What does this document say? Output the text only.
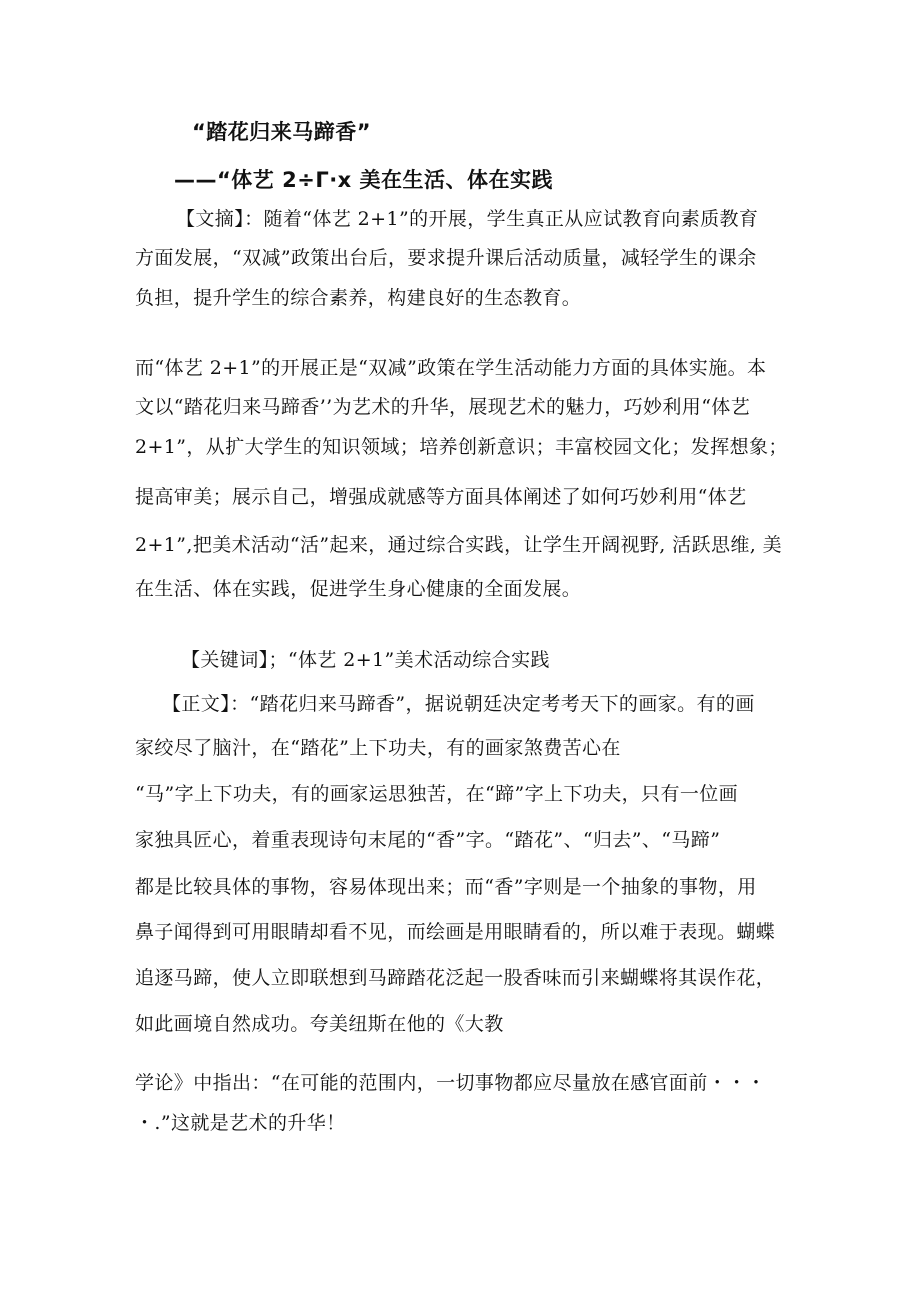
“踏花归来马蹄香”
——“体艺 2÷Γ·x 美在生活、体在实践
【文摘】：随着“体艺 2+1”的开展，学生真正从应试教育向素质教育
方面发展，“双减”政策出台后，要求提升课后活动质量，减轻学生的课余
负担，提升学生的综合素养，构建良好的生态教育。
而“体艺 2+1”的开展正是“双减”政策在学生活动能力方面的具体实施。本
文以“踏花归来马蹄香’’为艺术的升华，展现艺术的魅力，巧妙利用“体艺
2+1”，从扩大学生的知识领域；培养创新意识；丰富校园文化；发挥想象；
提高审美；展示自己，增强成就感等方面具体阐述了如何巧妙利用“体艺
2+1”,把美术活动“活”起来，通过综合实践，让学生开阔视野, 活跃思维, 美
在生活、体在实践，促进学生身心健康的全面发展。
【关键词】；“体艺 2+1”美术活动综合实践
【正文】：“踏花归来马蹄香”，据说朝廷决定考考天下的画家。有的画
家绞尽了脑汁，在“踏花”上下功夫，有的画家煞费苦心在
“马”字上下功夫，有的画家运思独苦，在“蹄”字上下功夫，只有一位画
家独具匠心，着重表现诗句末尾的“香”字。“踏花”、“归去”、“马蹄”
都是比较具体的事物，容易体现出来；而“香”字则是一个抽象的事物，用
鼻子闻得到可用眼睛却看不见，而绘画是用眼睛看的，所以难于表现。蝴蝶
追逐马蹄，使人立即联想到马蹄踏花泛起一股香味而引来蝴蝶将其误作花，
如此画境自然成功。夸美纽斯在他的《大教
学论》中指出：“在可能的范围内，一切事物都应尽量放在感官面前・・・
・.”这就是艺术的升华！
